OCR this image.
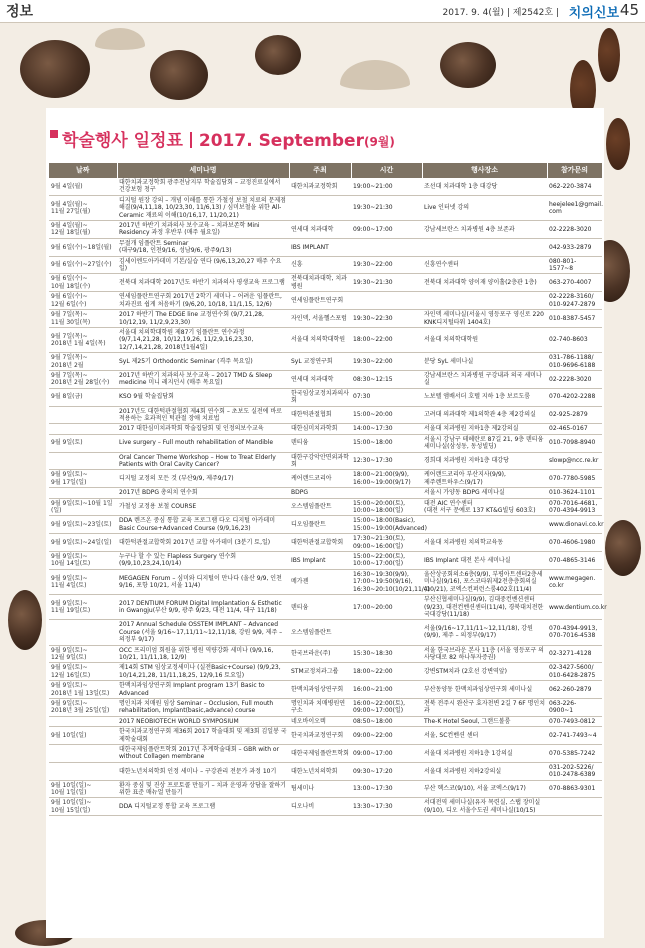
정보	2017. 9. 4(월) | 제2542호 | 치의신보 45
학술행사 일정표 2017. September(9월)
날짜	세미나명	주최	시간	행사장소	참가문의
9월 4일(월)	대한치과교정학회 광주전남지부 학술집담회 – 교정진료실에서 건강보험 청구	대한치과교정학회	19:00~21:00	조선대 치과대학 1층 대강당	062-220-3874
9월 4일(월)~
11월 27일(월)	디지털 원장 강의 – 개념 이해를 통한 가철성 보철 치료의 문제점 해결(9/4,11,18, 10/23,30, 11/6,13) / 심미보철을 위한 All-Ceramic 재료의 이해(10/16,17, 11/20,21)		19:30~21:30	Live 인터넷 강의	heejelee1@gmail.
com
9월 4일(월)~
12월 18일(월)	2017년 하반기 치과의사 보수교육 – 치과보존학 Mini Residency 과정 후반부 (매주 월요일)	연세대 치과대학	09:00~17:00	강남세브란스 치과병원 4층 보존과	02-2228-3020
9월 6일(수)~18일(월)	무절개 임플란트 Seminar
(대구9/18, 인천9/16, 성남9/6, 광주9/13)	IBS IMPLANT			042-933-2879
9월 6일(수)~27일(수)	김세이엔도아카데미 기본/실습 연다 (9/6,13,20,27 매주 수요일)	신흥	19:30~22:00	신흥연수센터	080-801-1577~8
9월 6일(수)~
10월 18일(수)	전북대 치과대학 2017년도 하반기 치과의사 평생교육 프로그램	전북대치과대학, 치과병원	19:30~21:30	전북대 치과대학 양이재 양이홀(2층관 1층)	063-270-4007
9월 6일(수)~
12월 6일(수)	연세임플란트연구회 2017년 2학기 세미나 – 어려운 임플란트, 치과진료 쉽게 처음하기 (9/6,20, 10/18, 11/1,15, 12/6)	연세임플란트연구회			02-2228-3160/
010-9247-2879
9월 7일(목)~
11월 30일(목)	2017 하반기 The EDGE line 교정연수회 (9/7,21,28, 10/12,19, 11/2,9,23,30)	자인덱, 서울헬스포럼	19:30~22:30	자인덱 세미나실(서울시 영등포구 영신로 220 KNK디지털타워 1404호)	010-8387-5457
9월 7일(목)~
2018년 1월 4일(목)	서울대 치의학대학원 제87기 임플란트 연수과정 (9/7,14,21,28, 10/12,19,26, 11/2,9,16,23,30, 12/7,14,21,28, 2018년1월4일)	서울대 치의학대학원	18:00~22:00	서울대 치의학대학원	02-740-8603
9월 7일(목)~
2018년 2월	SyL 제25기 Orthodontic Seminar (격주 목요일)	SyL 교정연구회	19:30~22:00	분당 SyL 세미나실	031-786-1188/
010-9696-6188
9월 7일(목)~
2018년 2월 28일(수)	2017년 하반기 치과의사 보수교육 – 2017 TMD & Sleep medicine 미니 레지던시 (매주 목요일)	연세대 치과대학	08:30~12:15	강남세브란스 치과병원 구강내과 의국 세미나실	02-2228-3020
9월 8일(금)	KSO 9월 학술집담회	한국임상교정치과의사회	07:30	노보텔 앰배서더 호텔 지하 1층 보르도룸	070-4202-2288
	2017년도 대한턱관절협회 제4회 연수회 – 초보도 실전에 바로 적용하는 효과적인 턱관절 장애 치료법	대한턱관절협회	15:00~20:00	고려대 의과대학 제1의학관 4층 제2강의실	02-925-2879
	2017 대한심미치과학회 학술집담회 및 인정의보수교육	대한심미치과학회	14:00~17:30	서울대 치과병원 지하1층 제2강의실	02-465-0167
9월 9일(토)	Live surgery – Full mouth rehabilitation of Mandible	덴티움	15:00~18:00	서울시 강남구 테헤란로 87길 21, 9층 덴티움 세미나실(삼성동, 동성빌딩)	010-7098-8940
	Oral Cancer Theme Workshop – How to Treat Elderly Patients with Oral Cavity Cancer?	대한구강악안면외과학회	12:30~17:30	경희대 치과병원 지하1층 대강당	slowp@ncc.re.kr
9월 9일(토)~
9월 17일(일)	디지털 교정의 모든 것 (부산9/9, 제주9/17)	케어랜드코리아	18:00~21:00(9/9),
16:00~19:00(9/17)	케어랜드코리아 부산지사(9/9),
제주렌트하우스(9/17)	070-7780-5985
	2017년 BDPG 총의치 연수회	BDPG		서울시 가양동 BDPG 세미나실	010-3624-1101
9월 9일(토)~10월 1일(일)	가철성 교정용 보철 COURSE	오스템임플란트	15:00~20:00(토),
10:00~18:00(일)	대전 AIC 연수센터
(대전 서구 문예로 137 KT&G빌딩 603호)	070-7016-4681,
070-4394-9913
9월 9일(토)~23일(토)	DDA 렌즈온 중심 통합 교육 프로그램 다오 디지털 아카데미 Basic Course+Advanced Course (9/9,16,23)	디오임플란트	15:00~18:00(Basic),
15:00~19:00(Advanced)		www.dionavi.co.kr
9월 9일(토)~24일(일)	대한턱관절교합학회 2017년 교합 아카데미 (3분기 토,일)	대한턱관절교합학회	17:30~21:30(토),
09:00~16:00(일)	서울대 치과병원 치의학교육동	070-4606-1980
9월 9일(토)~
10월 14일(토)	누구나 할 수 있는 Flapless Surgery 연수회 (9/9,10,23,24,10/14)	IBS Implant	15:00~22:00(토),
10:00~17:00(일)	IBS Implant 대전 본사 세미나실	070-4865-3146
9월 9일(토)~
11월 4일(토)	MEGAGEN Forum – 심미와 디지털이 만나다 (울산 9/9, 인천 9/16, 포항 10/21, 서울 11/4)	메가젠	16:30~19:30(9/9),
17:00~19:50(9/16),
16:30~20:10(10/21,11/4)	울산상공회의소6층(9/9), 부평아트센터2층세미나실(9/16), 포스코타워제2전층층회의실(10/21), 코엑스컨퍼런스룸402호(11/4)	www.megagen.
co.kr
9월 9일(토)~
11월 19일(토)	2017 DENTIUM FORUM Digital Implantation & Esthetic in Gwangju(부산 9/9, 광주 9/23, 대전 11/4, 대구 11/18)	덴티움	17:00~20:00	부산신협세미나실(9/9), 김대중컨벤션센터(9/23), 대전컨벤션센터(11/4), 경북대치전한국대강당(11/18)	www.dentium.co.kr
	2017 Annual Schedule OSSTEM IMPLANT – Advanced Course (서울 9/16~17,11/11~12,11/18, 강원 9/9, 제주 – 의정부 9/17)	오스템임플란트		서울(9/16~17,11/11~12,11/18), 강원(9/9), 제주 – 의정부(9/17)	070-4394-9913,
070-7016-4538
9월 9일(토)~
12월 9일(토)	OCC 프리미엄 회원을 위한 병원 역량강화 세미나 (9/9,16, 10/21, 11/11,18, 12/9)	한국브라운(주)	15:30~18:30	서울 한국브라운 본사 11층 (서울 영등포구 의사당대로 82 하나투자증권)	02-3271-4128
9월 9일(토)~
12월 16일(토)	제14회 STM 임상교정세미나 (실전Basic+Course) (9/9,23, 10/14,21,28, 11/11,18,25, 12/9,16 토요일)	STM교정치과그룹	18:00~22:00	강변STM치과 (2호선 강변역앞)	02-3427-5600/
010-6428-2875
9월 9일(토)~
2018년 1월 13일(토)	한맥치과임상연구회 Implant program 13기 Basic to Advanced	한맥치과임상연구회	16:00~21:00	부산동양동 한맥치과임상연구회 세미나실	062-260-2879
9월 9일(토)~
2018년 3월 25일(일)	명인치과 치매원 임상 Seminar – Occlusion, Full mouth rehabilitation, Implant(basic,advance) course	명인치과 치매병원연구소	16:00~22:00(토),
09:00~17:00(일)	전북 전주시 완산구 효자천변 2길 7 6F 명인치과	063-226-0900~1
	2017 NEOBIOTECH WORLD SYMPOSIUM	네오바이오텍	08:50~18:00	The-K Hotel Seoul, 그랜드볼룸	070-7493-0812
9월 10일(일)	한국치과교정연구회 제36회 2017 학술대회 및 제3회 김일봉 국제학술대회	한국치과교정연구회	09:00~22:00	서울, SC컨벤션 센터	02-741-7493~4
	대한국제임플란트학회 2017년 추계학술대회 – GBR with or without Collagen membrane	대한국제임플란트학회	09:00~17:00	서울대 치과병원 지하1층 1강의실	070-5385-7242
	대한노년치의학회 인정 세미나 – 구강관리 전문가 과정 10기	대한노년치의학회	09:30~17:20	서울대 치과병원 지하2강의실	031-202-5226/
010-2478-6389
9월 10일(일)~
10월 1일(일)	환자 중심 및 진상 프로토콜 만들기 – 치과 운영과 상담을 잘하기 위한 표준 매뉴얼 만들기	팀세미나	13:00~17:30	부산 헥스코(9/10), 서울 코엑스(9/17)	070-8863-9301
9월 10일(일)~
10월 15일(일)	DDA 디지털교정 통합 교육 프로그램	디오나비	13:30~17:30	서대전역 세미나실(유자 목련실, 스탭 장미실(9/10), 디오 서울수도권 세미나실(10/15)	
